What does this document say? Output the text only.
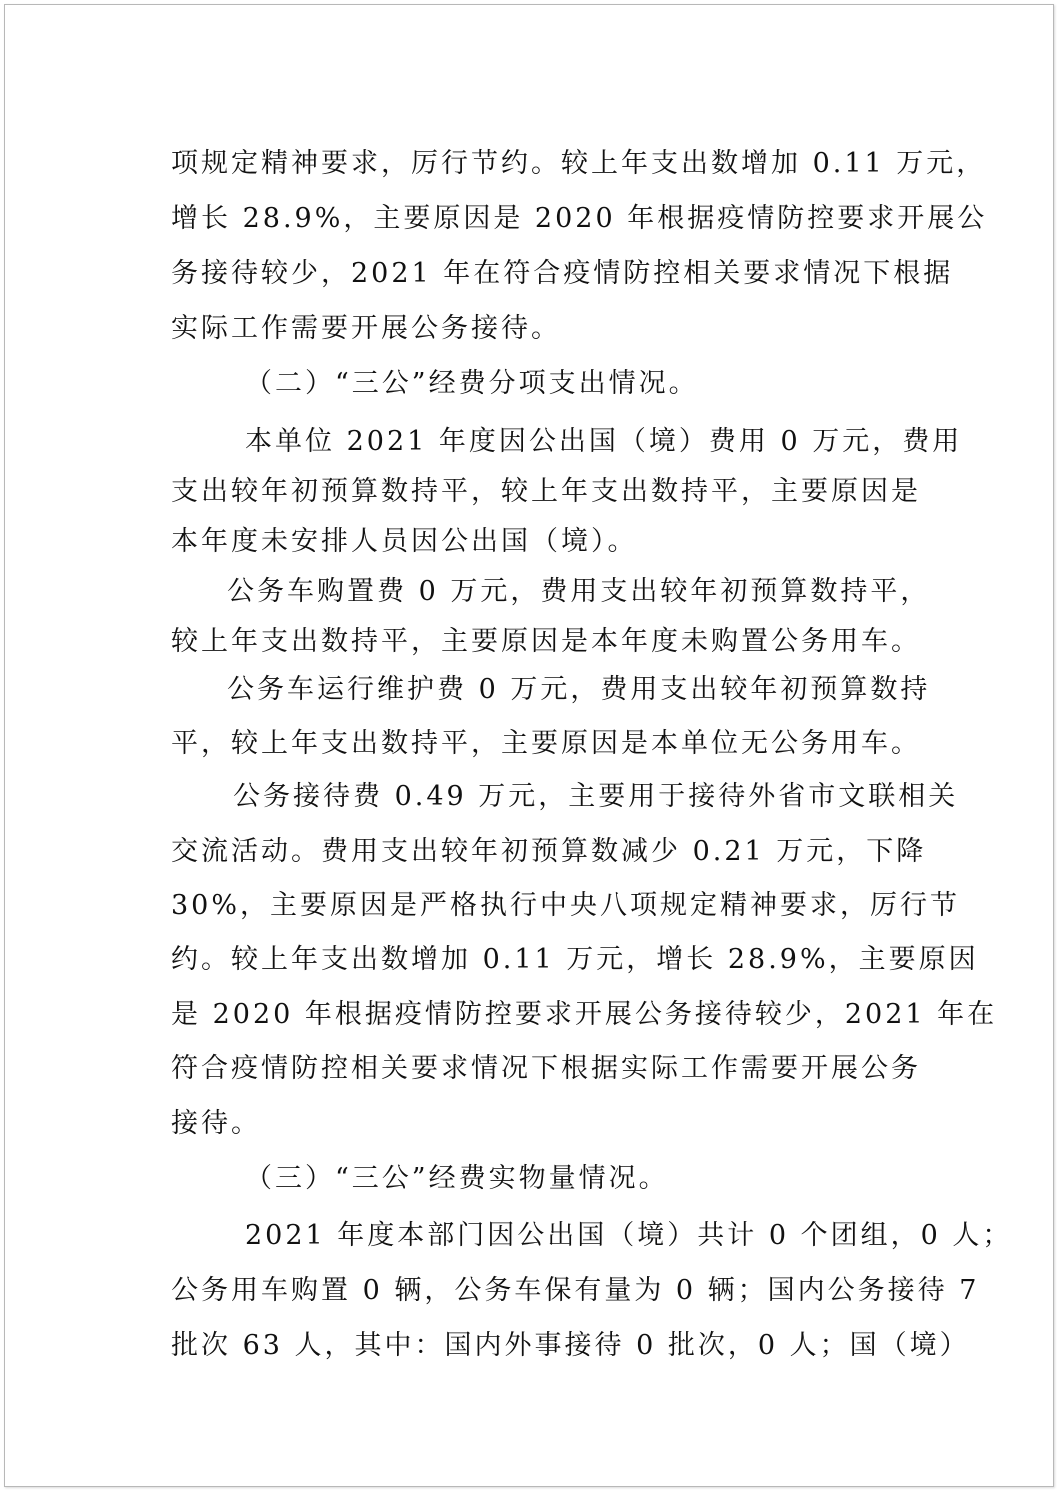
项规定精神要求，厉行节约。较上年支出数增加 0.11 万元，
增长 28.9%，主要原因是 2020 年根据疫情防控要求开展公
务接待较少，2021 年在符合疫情防控相关要求情况下根据
实际工作需要开展公务接待。
（二）“三公”经费分项支出情况。
本单位 2021 年度因公出国（境）费用 0 万元，费用
支出较年初预算数持平，较上年支出数持平，主要原因是
本年度未安排人员因公出国（境）。
公务车购置费 0 万元，费用支出较年初预算数持平，
较上年支出数持平，主要原因是本年度未购置公务用车。
公务车运行维护费 0 万元，费用支出较年初预算数持
平，较上年支出数持平，主要原因是本单位无公务用车。
公务接待费 0.49 万元，主要用于接待外省市文联相关
交流活动。费用支出较年初预算数减少 0.21 万元，下降
30%，主要原因是严格执行中央八项规定精神要求，厉行节
约。较上年支出数增加 0.11 万元，增长 28.9%，主要原因
是 2020 年根据疫情防控要求开展公务接待较少，2021 年在
符合疫情防控相关要求情况下根据实际工作需要开展公务
接待。
（三）“三公”经费实物量情况。
2021 年度本部门因公出国（境）共计 0 个团组，0 人；
公务用车购置 0 辆，公务车保有量为 0 辆；国内公务接待 7
批次 63 人，其中：国内外事接待 0 批次，0 人；国（境）
